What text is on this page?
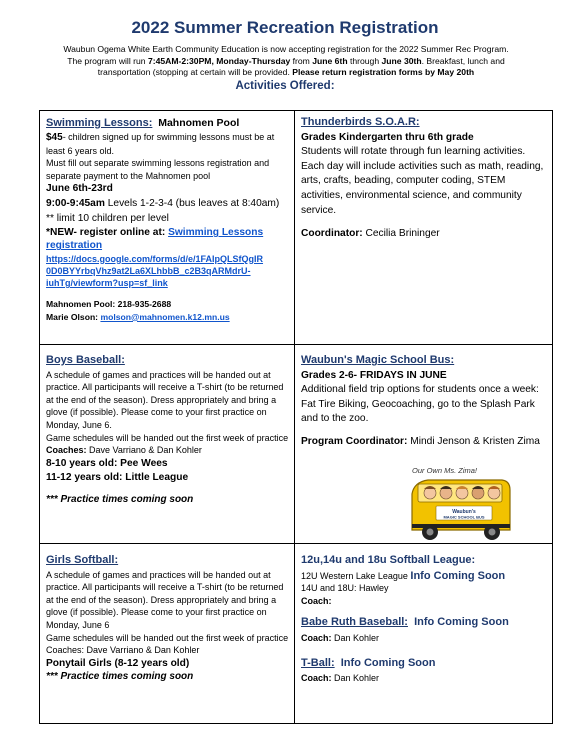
2022 Summer Recreation Registration
Waubun Ogema White Earth Community Education is now accepting registration for the 2022 Summer Rec Program.
The program will run 7:45AM-2:30PM, Monday-Thursday from June 6th through June 30th. Breakfast, lunch and
transportation (stopping at certain will be provided. Please return registration forms by May 20th
Activities Offered:
Swimming Lessons: Mahnomen Pool
$45- children signed up for swimming lessons must be at least 6 years old.
Must fill out separate swimming lessons registration and separate payment to the Mahnomen pool
June 6th-23rd
9:00-9:45am Levels 1-2-3-4 (bus leaves at 8:40am) ** limit 10 children per level
*NEW- register online at: Swimming Lessons registration
https://docs.google.com/forms/d/e/1FAIpQLSfQgIR
0D0BYYrbqVhz9at2La6XLhbbB_c2B3qARMdrU-
iuhTg/viewform?usp=sf_link
Mahnomen Pool: 218-935-2688
Marie Olson: molson@mahnomen.k12.mn.us
Thunderbirds S.O.A.R:
Grades Kindergarten thru 6th grade
Students will rotate through fun learning activities. Each day will include activities such as math, reading, arts, crafts, beading, computer coding, STEM activities, environmental science, and community service.
Coordinator: Cecilia Brininger
Boys Baseball:
A schedule of games and practices will be handed out at practice. All participants will receive a T-shirt (to be returned at the end of the season). Dress appropriately and bring a glove (if possible). Please come to your first practice on Monday, June 6.
Game schedules will be handed out the first week of practice
Coaches: Dave Varriano & Dan Kohler
8-10 years old: Pee Wees
11-12 years old: Little League
*** Practice times coming soon
Waubun's Magic School Bus:
Grades 2-6- FRIDAYS IN JUNE
Additional field trip options for students once a week: Fat Tire Biking, Geocoaching, go to the Splash Park and to the zoo.
Program Coordinator: Mindi Jenson & Kristen Zima
Our Own Ms. Zima!
Waubun's
MAGIC SCHOOL BUS
Girls Softball:
A schedule of games and practices will be handed out at practice. All participants will receive a T-shirt (to be returned at the end of the season). Dress appropriately and bring a glove (if possible). Please come to your first practice on Monday, June 6
Game schedules will be handed out the first week of practice
Coaches: Dave Varriano & Dan Kohler
Ponytail Girls (8-12 years old)
*** Practice times coming soon
12u,14u and 18u Softball League:
12U Western Lake League Info Coming Soon
14U and 18U: Hawley
Coach:
Babe Ruth Baseball: Info Coming Soon
Coach: Dan Kohler
T-Ball: Info Coming Soon
Coach: Dan Kohler
